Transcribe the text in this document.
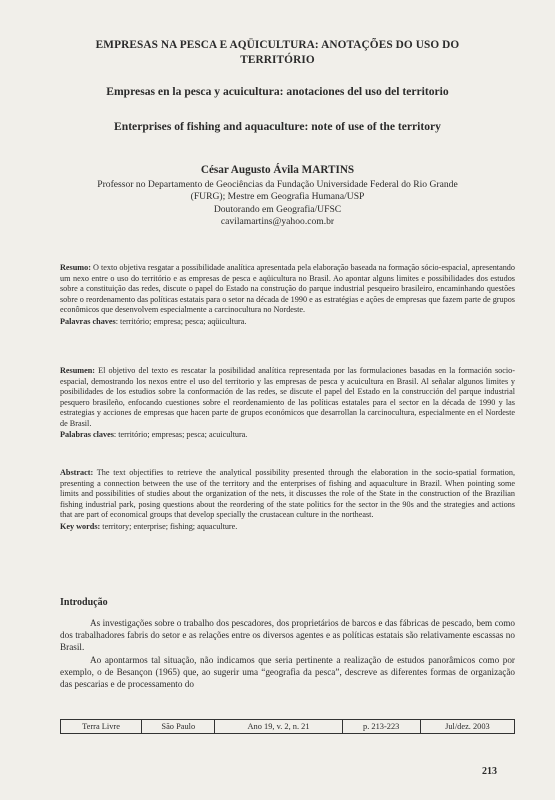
EMPRESAS NA PESCA E AQÜICULTURA: ANOTAÇÕES DO USO DO
TERRITÓRIO
Empresas en la pesca y acuicultura: anotaciones del uso del territorio
Enterprises of fishing and aquaculture: note of use of the territory
César Augusto Ávila MARTINS
Professor no Departamento de Geociências da Fundação Universidade Federal do Rio Grande
(FURG); Mestre em Geografia Humana/USP
Doutorando em Geografia/UFSC
cavilamartins@yahoo.com.br
Resumo: O texto objetiva resgatar a possibilidade analítica apresentada pela elaboração baseada na formação sócio-espacial, apresentando um nexo entre o uso do território e as empresas de pesca e aqüicultura no Brasil. Ao apontar alguns limites e possibilidades dos estudos sobre a constituição das redes, discute o papel do Estado na construção do parque industrial pesqueiro brasileiro, encaminhando questões sobre o reordenamento das políticas estatais para o setor na década de 1990 e as estratégias e ações de empresas que fazem parte de grupos econômicos que desenvolvem especialmente a carcinocultura no Nordeste.
Palavras chaves: território; empresa; pesca; aqüicultura.
Resumen: El objetivo del texto es rescatar la posibilidad analítica representada por las formulaciones basadas en la formación socio-espacial, demostrando los nexos entre el uso del territorio y las empresas de pesca y acuicultura en Brasil. Al señalar algunos limites y posibilidades de los estudios sobre la conformación de las redes, se discute el papel del Estado en la construcción del parque industrial pesquero brasileño, enfocando cuestiones sobre el reordenamiento de las políticas estatales para el sector en la década de 1990 y las estrategias y acciones de empresas que hacen parte de grupos económicos que desarrollan la carcinocultura, especialmente en el Nordeste de Brasil.
Palabras claves: território; empresas; pesca; acuicultura.
Abstract: The text objectifies to retrieve the analytical possibility presented through the elaboration in the socio-spatial formation, presenting a connection between the use of the territory and the enterprises of fishing and aquaculture in Brazil. When pointing some limits and possibilities of studies about the organization of the nets, it discusses the role of the State in the construction of the Brazilian fishing industrial park, posing questions about the reordering of the state politics for the sector in the 90s and the strategies and actions that are part of economical groups that develop specially the crustacean culture in the northeast.
Key words: territory; enterprise; fishing; aquaculture.
Introdução

As investigações sobre o trabalho dos pescadores, dos proprietários de barcos e das fábricas de pescado, bem como dos trabalhadores fabris do setor e as relações entre os diversos agentes e as políticas estatais são relativamente escassas no Brasil.

Ao apontarmos tal situação, não indicamos que seria pertinente a realização de estudos panorâmicos como por exemplo, o de Besançon (1965) que, ao sugerir uma “geografia da pesca”, descreve as diferentes formas de organização das pescarias e de processamento do

Terra Livre	São Paulo	Ano 19, v. 2, n. 21	p. 213-223	Jul/dez. 2003
213
